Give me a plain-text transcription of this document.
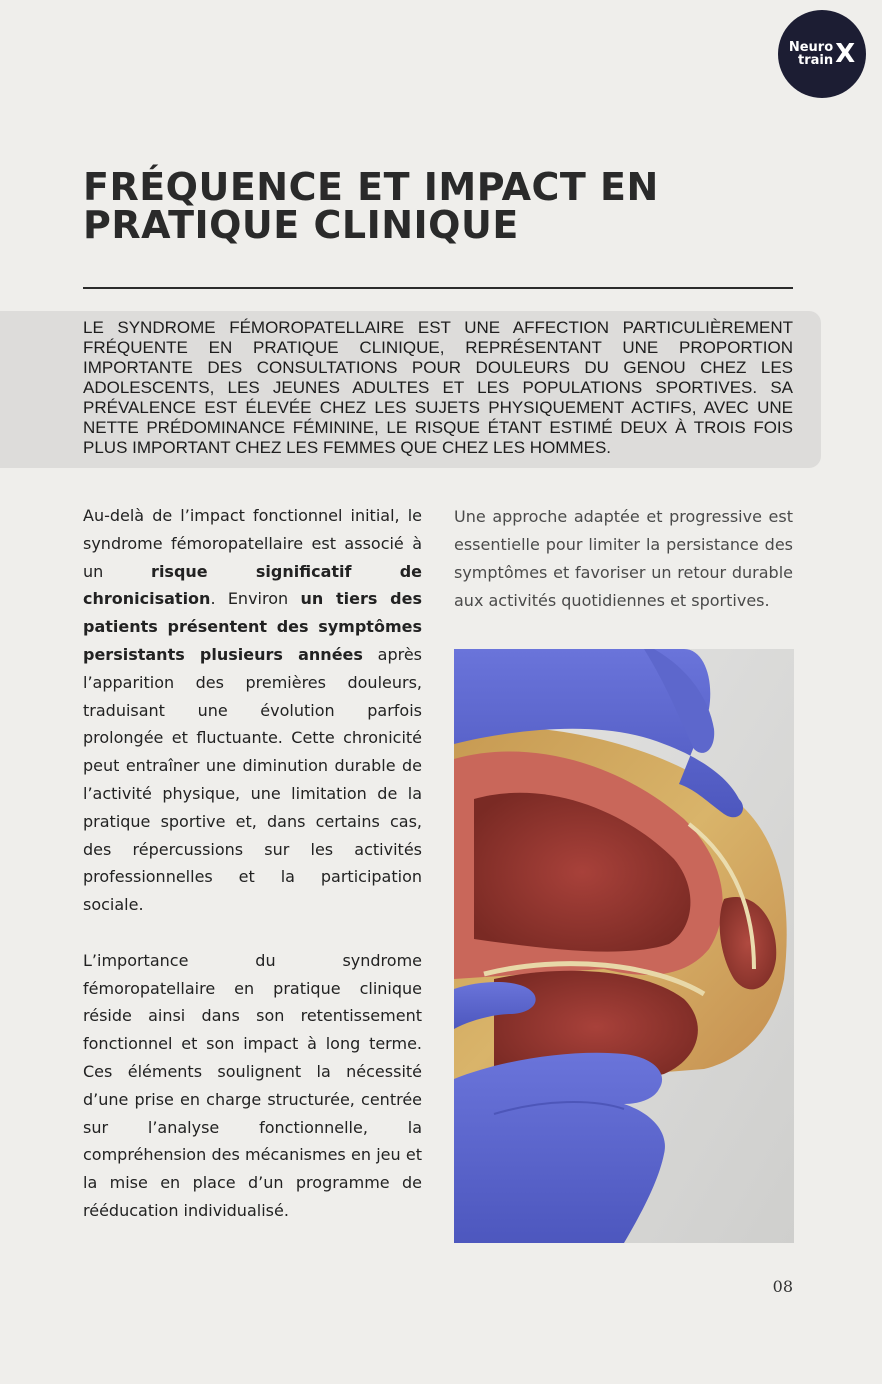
Neuro
train X
FRÉQUENCE ET IMPACT EN PRATIQUE CLINIQUE

LE SYNDROME FÉMOROPATELLAIRE EST UNE AFFECTION PARTICULIÈREMENT FRÉQUENTE EN PRATIQUE CLINIQUE, REPRÉSENTANT UNE PROPORTION IMPORTANTE DES CONSULTATIONS POUR DOULEURS DU GENOU CHEZ LES ADOLESCENTS, LES JEUNES ADULTES ET LES POPULATIONS SPORTIVES. SA PRÉVALENCE EST ÉLEVÉE CHEZ LES SUJETS PHYSIQUEMENT ACTIFS, AVEC UNE NETTE PRÉDOMINANCE FÉMININE, LE RISQUE ÉTANT ESTIMÉ DEUX À TROIS FOIS PLUS IMPORTANT CHEZ LES FEMMES QUE CHEZ LES HOMMES.

Au-delà de l’impact fonctionnel initial, le syndrome fémoropatellaire est associé à un risque significatif de chronicisation. Environ un tiers des patients présentent des symptômes persistants plusieurs années après l’apparition des premières douleurs, traduisant une évolution parfois prolongée et fluctuante. Cette chronicité peut entraîner une diminution durable de l’activité physique, une limitation de la pratique sportive et, dans certains cas, des répercussions sur les activités professionnelles et la participation sociale.

L’importance du syndrome fémoropatellaire en pratique clinique réside ainsi dans son retentissement fonctionnel et son impact à long terme. Ces éléments soulignent la nécessité d’une prise en charge structurée, centrée sur l’analyse fonctionnelle, la compréhension des mécanismes en jeu et la mise en place d’un programme de rééducation individualisé.

Une approche adaptée et progressive est essentielle pour limiter la persistance des symptômes et favoriser un retour durable aux activités quotidiennes et sportives.

08
